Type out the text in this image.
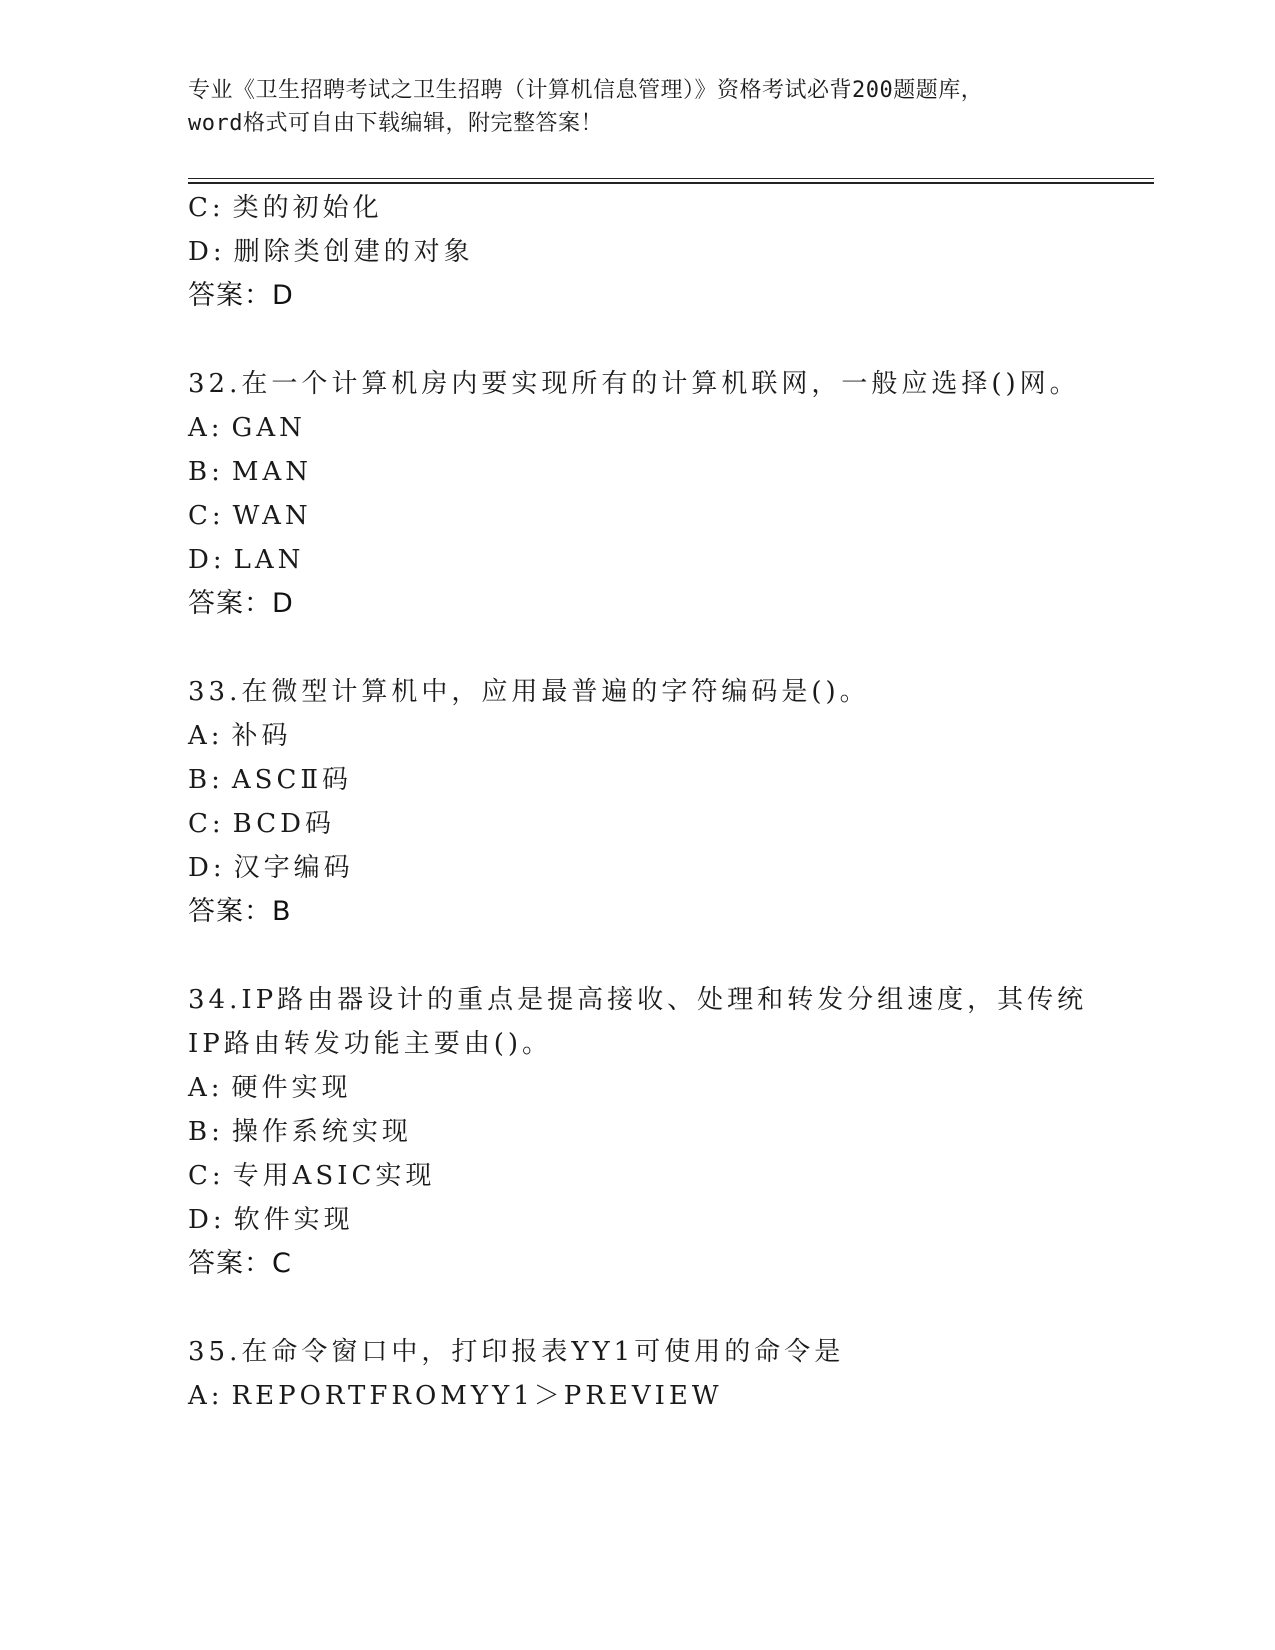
专业《卫生招聘考试之卫生招聘（计算机信息管理）》资格考试必背200题题库，
word格式可自由下载编辑，附完整答案！
C: 类的初始化
D: 删除类创建的对象
答案：D
32.在一个计算机房内要实现所有的计算机联网，一般应选择()网。
A: GAN
B: MAN
C: WAN
D: LAN
答案：D
33.在微型计算机中，应用最普遍的字符编码是()。
A: 补码
B: ASCⅡ码
C: BCD码
D: 汉字编码
答案：B
34.IP路由器设计的重点是提高接收、处理和转发分组速度，其传统
IP路由转发功能主要由()。
A: 硬件实现
B: 操作系统实现
C: 专用ASIC实现
D: 软件实现
答案：C
35.在命令窗口中，打印报表YY1可使用的命令是
A: REPORTFROMYY1＞PREVIEW
